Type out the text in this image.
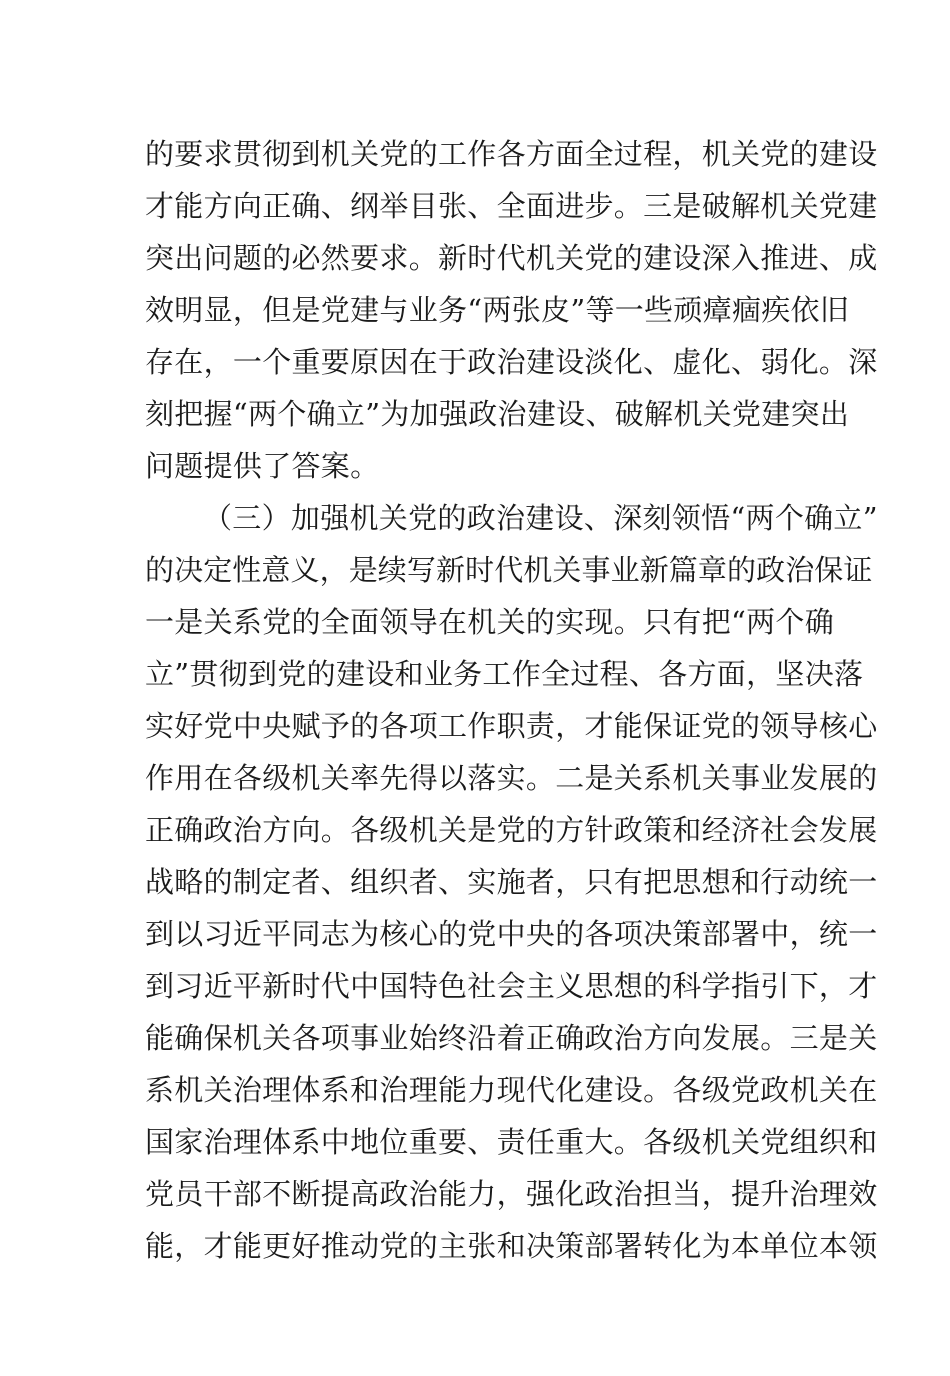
的要求贯彻到机关党的工作各方面全过程，机关党的建设
才能方向正确、纲举目张、全面进步。三是破解机关党建
突出问题的必然要求。新时代机关党的建设深入推进、成
效明显，但是党建与业务“两张皮”等一些顽瘴痼疾依旧
存在，一个重要原因在于政治建设淡化、虚化、弱化。深
刻把握“两个确立”为加强政治建设、破解机关党建突出
问题提供了答案。
（三）加强机关党的政治建设、深刻领悟“两个确立”
的决定性意义，是续写新时代机关事业新篇章的政治保证
一是关系党的全面领导在机关的实现。只有把“两个确
立”贯彻到党的建设和业务工作全过程、各方面，坚决落
实好党中央赋予的各项工作职责，才能保证党的领导核心
作用在各级机关率先得以落实。二是关系机关事业发展的
正确政治方向。各级机关是党的方针政策和经济社会发展
战略的制定者、组织者、实施者，只有把思想和行动统一
到以习近平同志为核心的党中央的各项决策部署中，统一
到习近平新时代中国特色社会主义思想的科学指引下，才
能确保机关各项事业始终沿着正确政治方向发展。三是关
系机关治理体系和治理能力现代化建设。各级党政机关在
国家治理体系中地位重要、责任重大。各级机关党组织和
党员干部不断提高政治能力，强化政治担当，提升治理效
能，才能更好推动党的主张和决策部署转化为本单位本领
